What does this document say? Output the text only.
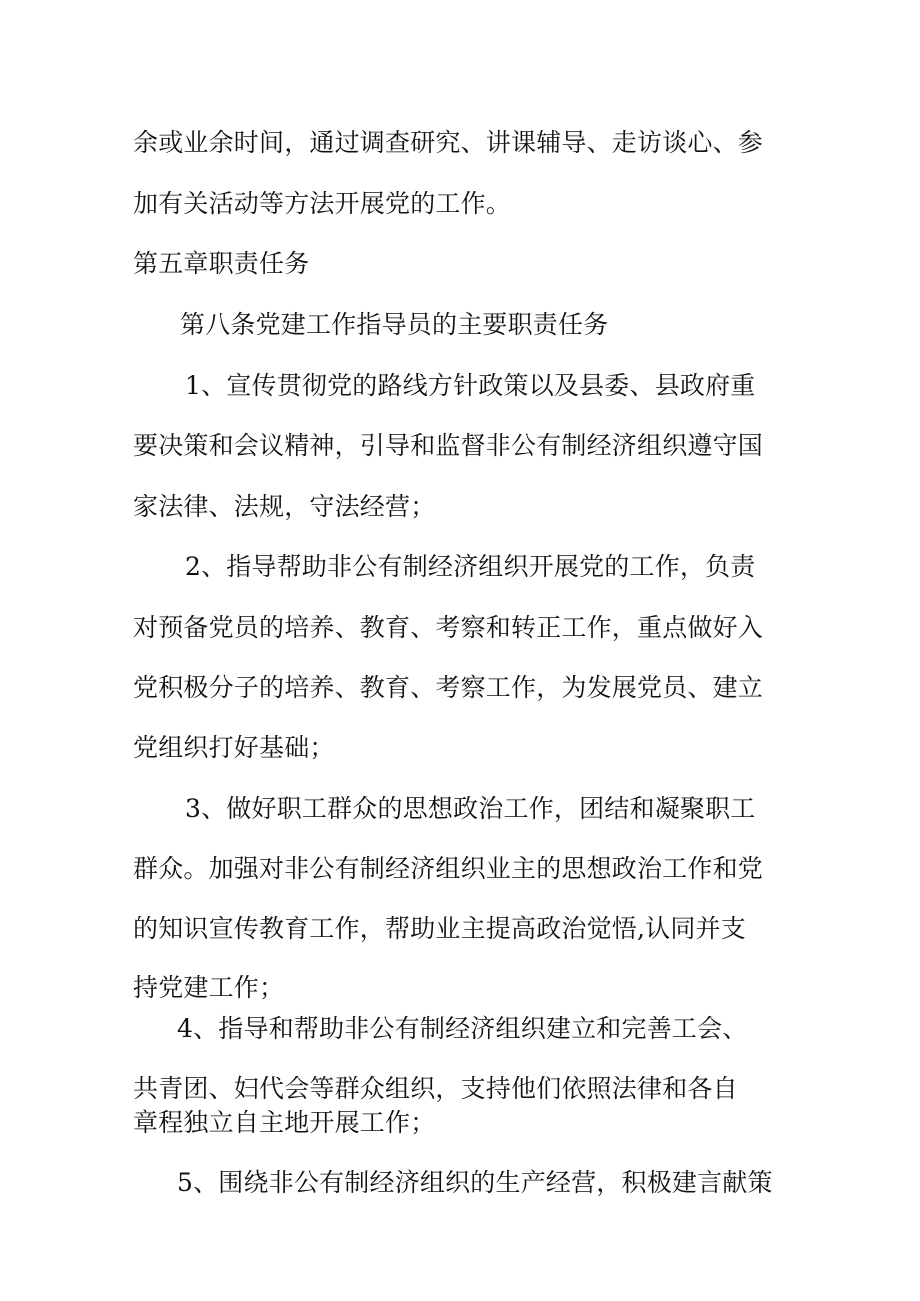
余或业余时间，通过调查研究、讲课辅导、走访谈心、参
加有关活动等方法开展党的工作。
第五章职责任务
第八条党建工作指导员的主要职责任务
1、宣传贯彻党的路线方针政策以及县委、县政府重
要决策和会议精神，引导和监督非公有制经济组织遵守国
家法律、法规，守法经营；
2、指导帮助非公有制经济组织开展党的工作，负责
对预备党员的培养、教育、考察和转正工作，重点做好入
党积极分子的培养、教育、考察工作，为发展党员、建立
党组织打好基础；
3、做好职工群众的思想政治工作，团结和凝聚职工
群众。加强对非公有制经济组织业主的思想政治工作和党
的知识宣传教育工作，帮助业主提高政治觉悟,认同并支
持党建工作；
4、指导和帮助非公有制经济组织建立和完善工会、
共青团、妇代会等群众组织，支持他们依照法律和各自
章程独立自主地开展工作；
5、围绕非公有制经济组织的生产经营，积极建言献策
